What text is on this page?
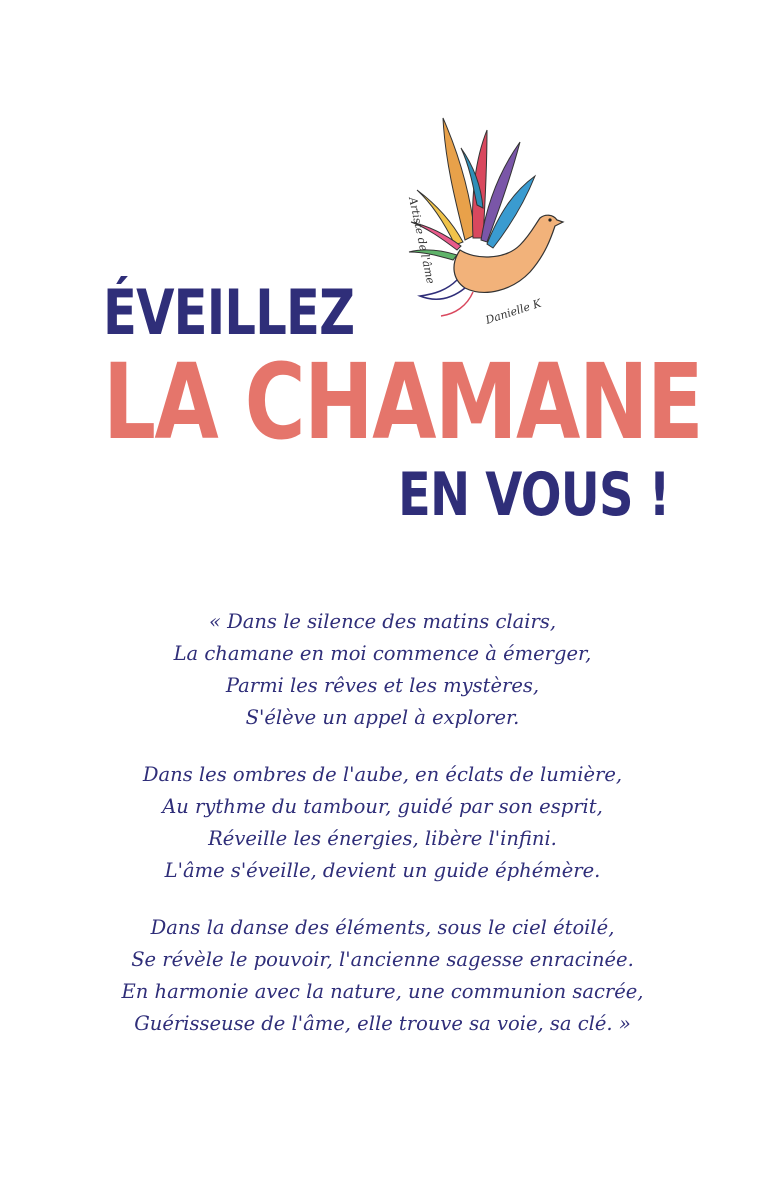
Artiste de l'âme
Danielle K
ÉVEILLEZ
LA CHAMANE
EN VOUS !

« Dans le silence des matins clairs,
La chamane en moi commence à émerger,
Parmi les rêves et les mystères,
S'élève un appel à explorer.

Dans les ombres de l'aube, en éclats de lumière,
Au rythme du tambour, guidé par son esprit,
Réveille les énergies, libère l'infini.
L'âme s'éveille, devient un guide éphémère.

Dans la danse des éléments, sous le ciel étoilé,
Se révèle le pouvoir, l'ancienne sagesse enracinée.
En harmonie avec la nature, une communion sacrée,
Guérisseuse de l'âme, elle trouve sa voie, sa clé. »
